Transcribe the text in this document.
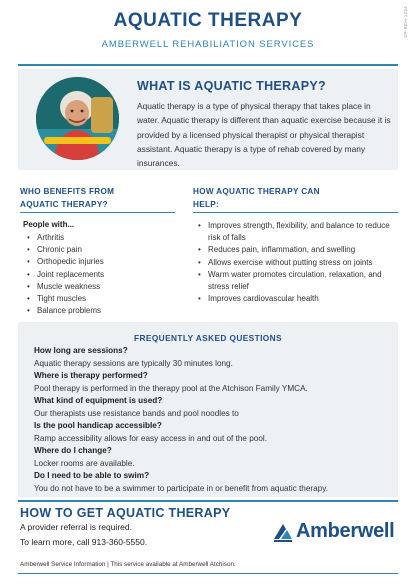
AQUATIC THERAPY
AMBERWELL REHABILIATION SERVICES
SP-REH-1234
WHAT IS AQUATIC THERAPY?

Aquatic therapy is a type of physical therapy that takes place in water. Aquatic therapy is different than aquatic exercise because it is provided by a licensed physical therapist or physical therapist assistant. Aquatic therapy is a type of rehab covered by many insurances.

WHO BENEFITS FROM AQUATIC THERAPY?
People with...
• Arthritis
• Chronic pain
• Orthopedic injuries
• Joint replacements
• Muscle weakness
• Tight muscles
• Balance problems
HOW AQUATIC THERAPY CAN HELP:
• Improves strength, flexibility, and balance to reduce risk of falls
• Reduces pain, inflammation, and swelling
• Allows exercise without putting stress on joints
• Warm water promotes circulation, relaxation, and stress relief
• Improves cardiovascular health
FREQUENTLY ASKED QUESTIONS
How long are sessions?
Aquatic therapy sessions are typically 30 minutes long.
Where is therapy performed?
Pool therapy is performed in the therapy pool at the Atchison Family YMCA.
What kind of equipment is used?
Our therapists use resistance bands and pool noodles to
Is the pool handicap accessible?
Ramp accessibility allows for easy access in and out of the pool.
Where do I change?
Locker rooms are available.
Do I need to be able to swim?
You do not have to be a swimmer to participate in or benefit from aquatic therapy.
HOW TO GET AQUATIC THERAPY
A provider referral is required.
To learn more, call 913-360-5550.	Amberwell
Amberwell Service Information | This service available at Amberwell Atchison.
